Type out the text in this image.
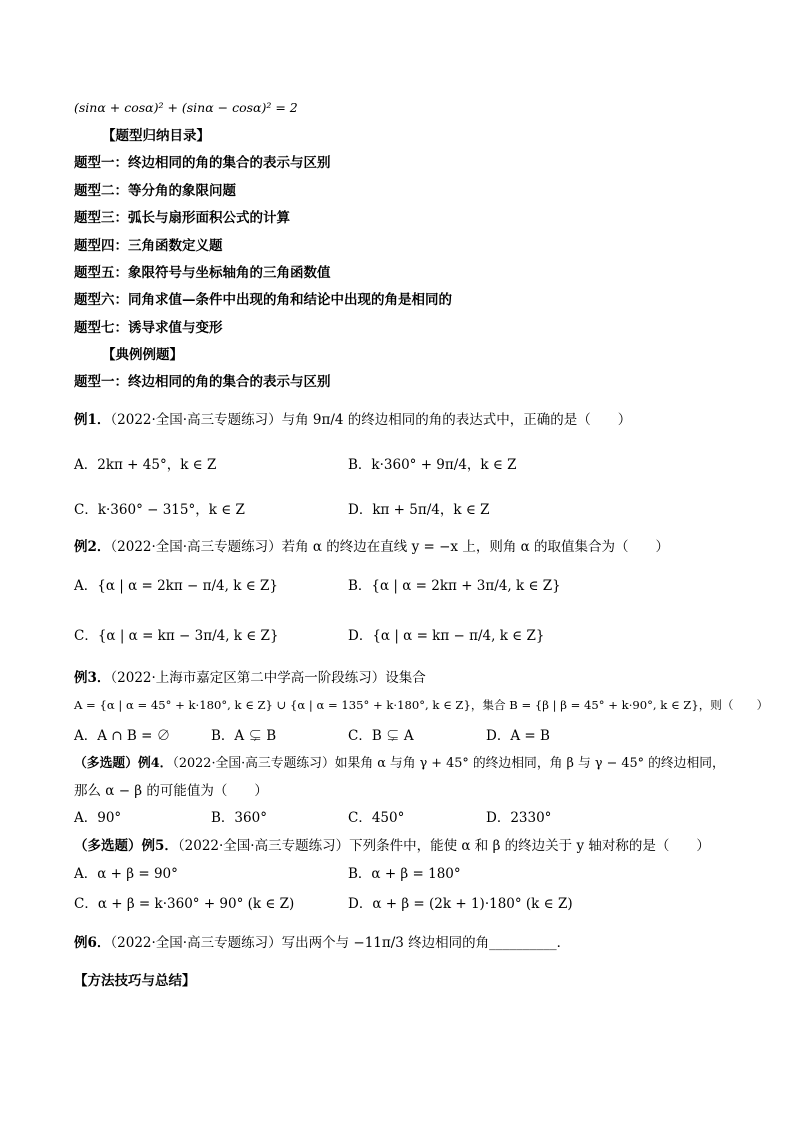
(sinα + cosα)² + (sinα − cosα)² = 2
【题型归纳目录】
题型一：终边相同的角的集合的表示与区别
题型二：等分角的象限问题
题型三：弧长与扇形面积公式的计算
题型四：三角函数定义题
题型五：象限符号与坐标轴角的三角函数值
题型六：同角求值—条件中出现的角和结论中出现的角是相同的
题型七：诱导求值与变形
【典例例题】
题型一：终边相同的角的集合的表示与区别
例1．（2022·全国·高三专题练习）与角 9π/4 的终边相同的角的表达式中，正确的是（　　）
A．2kπ + 45°，k ∈ Z	B．k·360° + 9π/4，k ∈ Z
C．k·360° − 315°，k ∈ Z	D．kπ + 5π/4，k ∈ Z
例2．（2022·全国·高三专题练习）若角 α 的终边在直线 y = −x 上，则角 α 的取值集合为（　　）
A．{α | α = 2kπ − π/4, k ∈ Z}	B．{α | α = 2kπ + 3π/4, k ∈ Z}
C．{α | α = kπ − 3π/4, k ∈ Z}	D．{α | α = kπ − π/4, k ∈ Z}
例3．（2022·上海市嘉定区第二中学高一阶段练习）设集合
A = {α | α = 45° + k·180°, k ∈ Z} ∪ {α | α = 135° + k·180°, k ∈ Z}，集合 B = {β | β = 45° + k·90°, k ∈ Z}，则（　　）
A．A ∩ B = ∅	B．A ⊊ B	C．B ⊊ A	D．A = B
（多选题）例4．（2022·全国·高三专题练习）如果角 α 与角 γ + 45° 的终边相同，角 β 与 γ − 45° 的终边相同，
那么 α − β 的可能值为（　　）
A．90°	B．360°	C．450°	D．2330°
（多选题）例5．（2022·全国·高三专题练习）下列条件中，能使 α 和 β 的终边关于 y 轴对称的是（　　）
A．α + β = 90°	B．α + β = 180°
C．α + β = k·360° + 90° (k ∈ Z)	D．α + β = (2k + 1)·180° (k ∈ Z)
例6．（2022·全国·高三专题练习）写出两个与 −11π/3 终边相同的角__________．
【方法技巧与总结】
